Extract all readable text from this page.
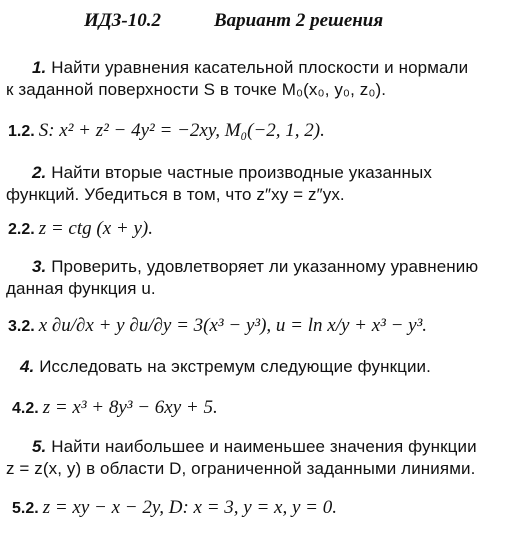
ИДЗ-10.2	Вариант 2 решения
1. Найти уравнения касательной плоскости и нормали
к заданной поверхности S в точке M₀(x₀, y₀, z₀).
1.2. S: x² + z² − 4y² = −2xy, M₀(−2, 1, 2).
2. Найти вторые частные производные указанных
функций. Убедиться в том, что z″xy = z″yx.
2.2. z = ctg (x + y).
3. Проверить, удовлетворяет ли указанному уравнению
данная функция u.
3.2. x ∂u/∂x + y ∂u/∂y = 3(x³ − y³), u = ln x/y + x³ − y³.
4. Исследовать на экстремум следующие функции.
4.2. z = x³ + 8y³ − 6xy + 5.
5. Найти наибольшее и наименьшее значения функции
z = z(x, y) в области D, ограниченной заданными линиями.
5.2. z = xy − x − 2y, D: x = 3, y = x, y = 0.
